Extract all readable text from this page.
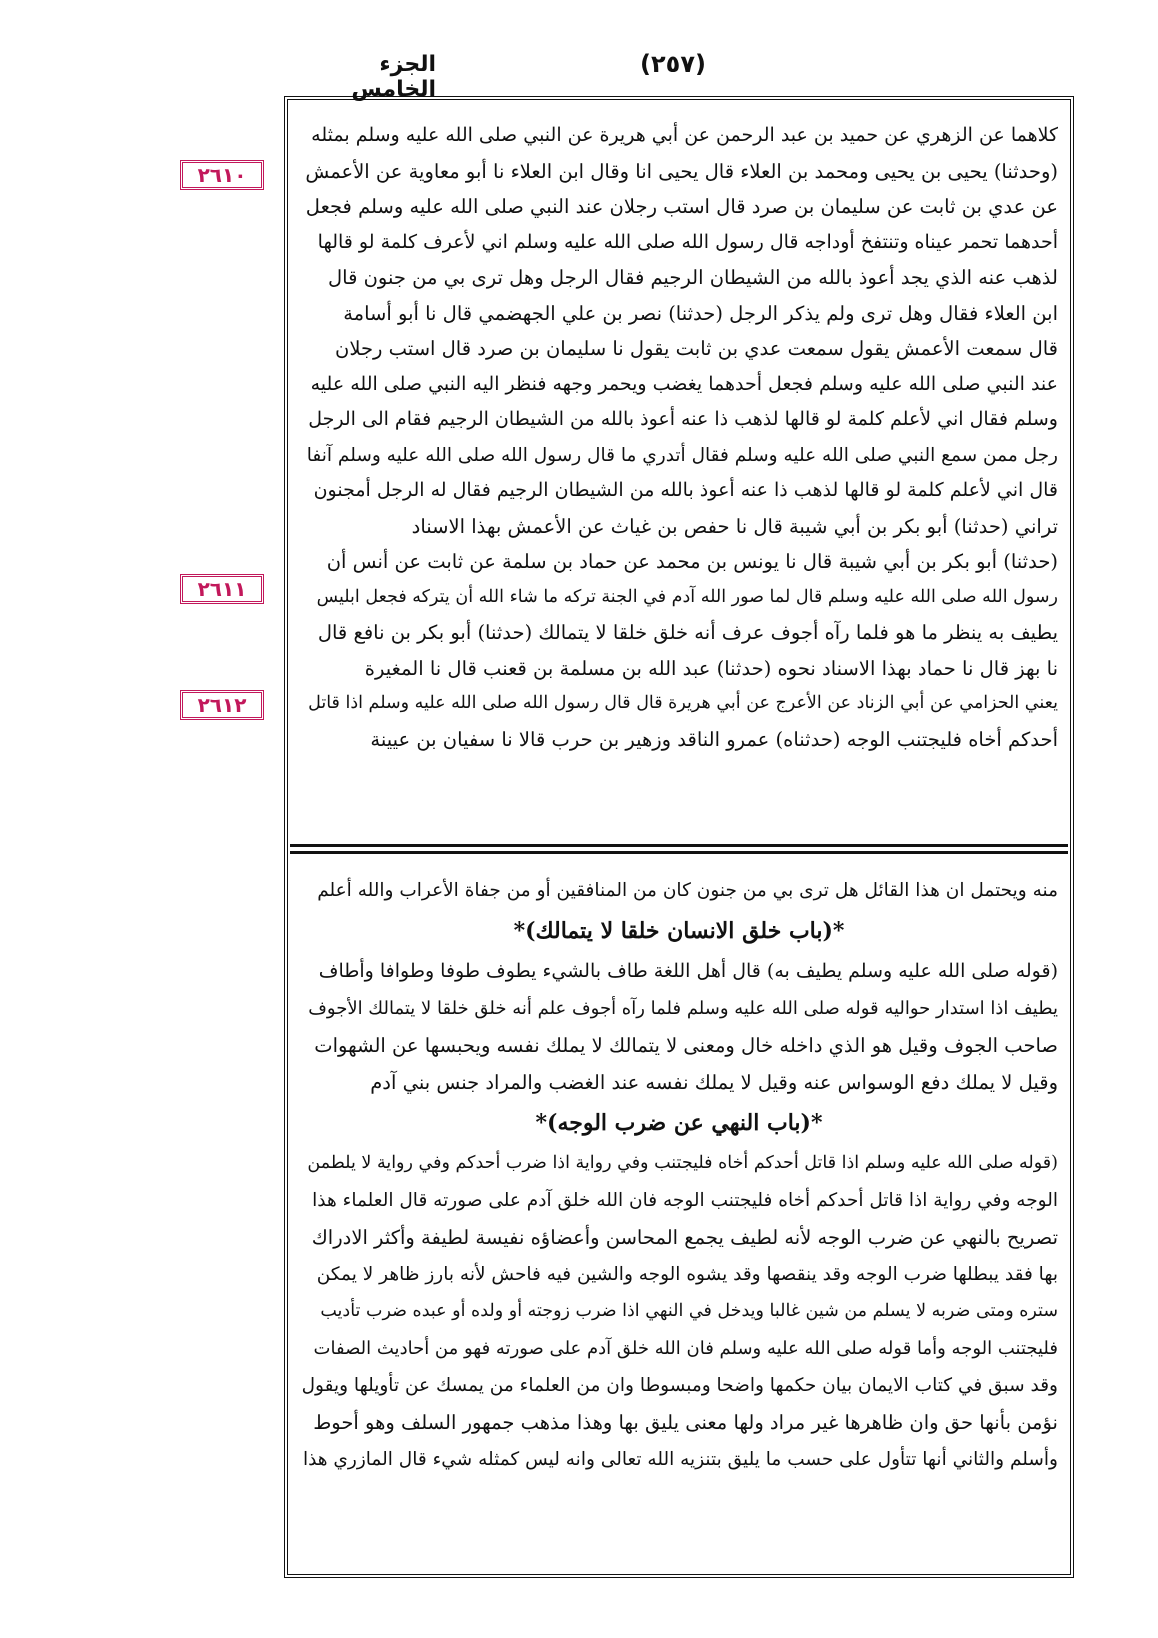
الجزء الخامس
(٢٥٧)
٢٦١٠
٢٦١١
٢٦١٢
كلاهما عن الزهري عن حميد بن عبد الرحمن عن أبي هريرة عن النبي صلى الله عليه وسلم بمثله
(وحدثنا) يحيى بن يحيى ومحمد بن العلاء قال يحيى انا وقال ابن العلاء نا أبو معاوية عن الأعمش
عن عدي بن ثابت عن سليمان بن صرد قال استب رجلان عند النبي صلى الله عليه وسلم فجعل
أحدهما تحمر عيناه وتنتفخ أوداجه قال رسول الله صلى الله عليه وسلم اني لأعرف كلمة لو قالها
لذهب عنه الذي يجد أعوذ بالله من الشيطان الرجيم فقال الرجل وهل ترى بي من جنون قال
ابن العلاء فقال وهل ترى ولم يذكر الرجل (حدثنا) نصر بن علي الجهضمي قال نا أبو أسامة
قال سمعت الأعمش يقول سمعت عدي بن ثابت يقول نا سليمان بن صرد قال استب رجلان
عند النبي صلى الله عليه وسلم فجعل أحدهما يغضب ويحمر وجهه فنظر اليه النبي صلى الله عليه
وسلم فقال اني لأعلم كلمة لو قالها لذهب ذا عنه أعوذ بالله من الشيطان الرجيم فقام الى الرجل
رجل ممن سمع النبي صلى الله عليه وسلم فقال أتدري ما قال رسول الله صلى الله عليه وسلم آنفا
قال اني لأعلم كلمة لو قالها لذهب ذا عنه أعوذ بالله من الشيطان الرجيم فقال له الرجل أمجنون
تراني (حدثنا) أبو بكر بن أبي شيبة قال نا حفص بن غياث عن الأعمش بهذا الاسناد
(حدثنا) أبو بكر بن أبي شيبة قال نا يونس بن محمد عن حماد بن سلمة عن ثابت عن أنس أن
رسول الله صلى الله عليه وسلم قال لما صور الله آدم في الجنة تركه ما شاء الله أن يتركه فجعل ابليس
يطيف به ينظر ما هو فلما رآه أجوف عرف أنه خلق خلقا لا يتمالك (حدثنا) أبو بكر بن نافع قال
نا بهز قال نا حماد بهذا الاسناد نحوه (حدثنا) عبد الله بن مسلمة بن قعنب قال نا المغيرة
يعني الحزامي عن أبي الزناد عن الأعرج عن أبي هريرة قال قال رسول الله صلى الله عليه وسلم اذا قاتل
أحدكم أخاه فليجتنب الوجه (حدثناه) عمرو الناقد وزهير بن حرب قالا نا سفيان بن عيينة
منه ويحتمل ان هذا القائل هل ترى بي من جنون كان من المنافقين أو من جفاة الأعراب والله أعلم
*(باب خلق الانسان خلقا لا يتمالك)*
(قوله صلى الله عليه وسلم يطيف به) قال أهل اللغة طاف بالشيء يطوف طوفا وطوافا وأطاف
يطيف اذا استدار حواليه قوله صلى الله عليه وسلم فلما رآه أجوف علم أنه خلق خلقا لا يتمالك الأجوف
صاحب الجوف وقيل هو الذي داخله خال ومعنى لا يتمالك لا يملك نفسه ويحبسها عن الشهوات
وقيل لا يملك دفع الوسواس عنه وقيل لا يملك نفسه عند الغضب والمراد جنس بني آدم
*(باب النهي عن ضرب الوجه)*
(قوله صلى الله عليه وسلم اذا قاتل أحدكم أخاه فليجتنب وفي رواية اذا ضرب أحدكم وفي رواية لا يلطمن
الوجه وفي رواية اذا قاتل أحدكم أخاه فليجتنب الوجه فان الله خلق آدم على صورته قال العلماء هذا
تصريح بالنهي عن ضرب الوجه لأنه لطيف يجمع المحاسن وأعضاؤه نفيسة لطيفة وأكثر الادراك
بها فقد يبطلها ضرب الوجه وقد ينقصها وقد يشوه الوجه والشين فيه فاحش لأنه بارز ظاهر لا يمكن
ستره ومتى ضربه لا يسلم من شين غالبا ويدخل في النهي اذا ضرب زوجته أو ولده أو عبده ضرب تأديب
فليجتنب الوجه وأما قوله صلى الله عليه وسلم فان الله خلق آدم على صورته فهو من أحاديث الصفات
وقد سبق في كتاب الايمان بيان حكمها واضحا ومبسوطا وان من العلماء من يمسك عن تأويلها ويقول
نؤمن بأنها حق وان ظاهرها غير مراد ولها معنى يليق بها وهذا مذهب جمهور السلف وهو أحوط
وأسلم والثاني أنها تتأول على حسب ما يليق بتنزيه الله تعالى وانه ليس كمثله شيء قال المازري هذا
